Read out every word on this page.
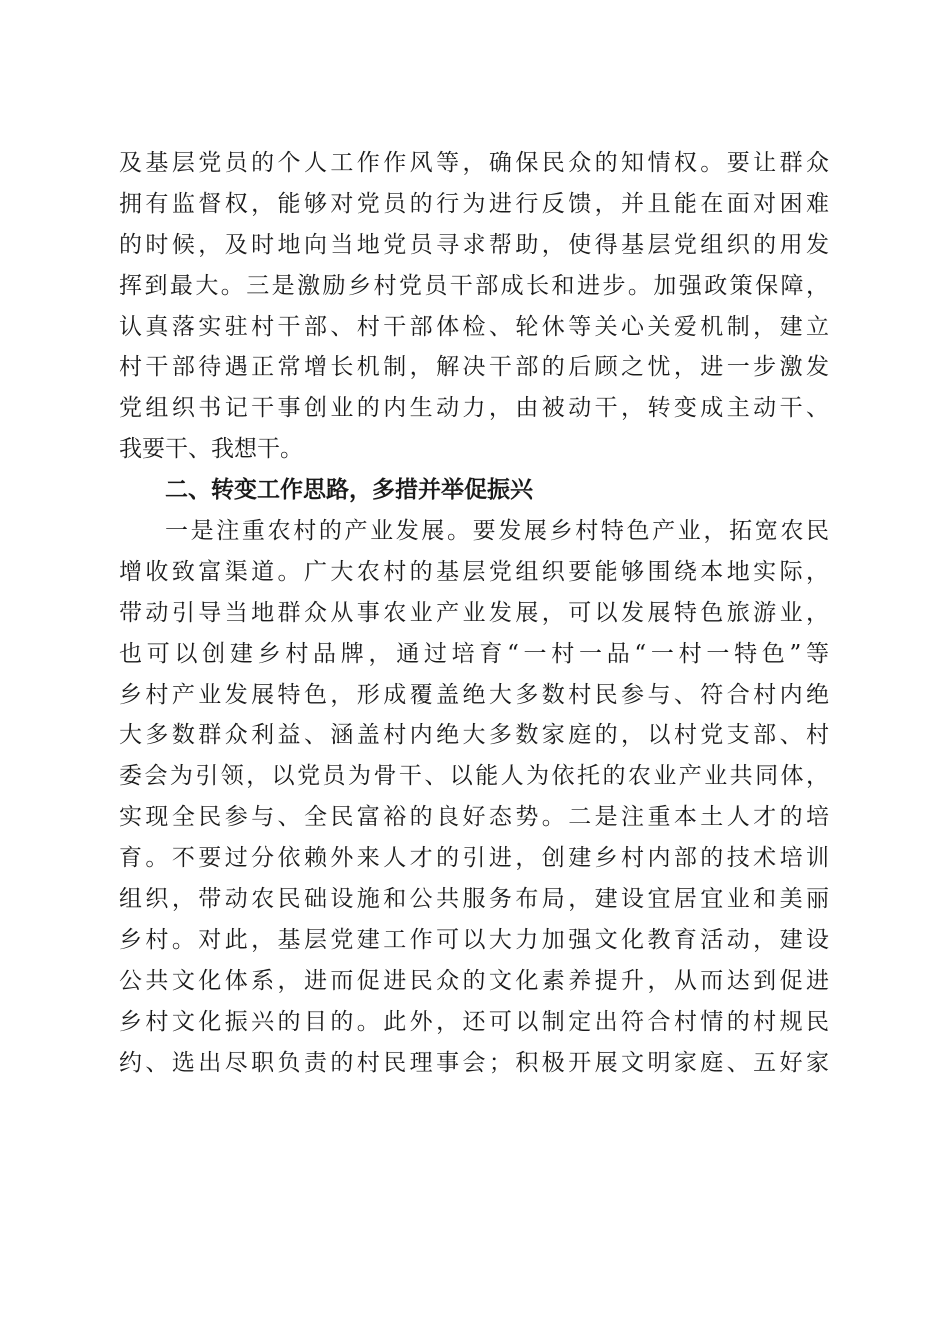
及基层党员的个人工作作风等，确保民众的知情权。要让群众
拥有监督权，能够对党员的行为进行反馈，并且能在面对困难
的时候，及时地向当地党员寻求帮助，使得基层党组织的用发
挥到最大。三是激励乡村党员干部成长和进步。加强政策保障，
认真落实驻村干部、村干部体检、轮休等关心关爱机制，建立
村干部待遇正常增长机制，解决干部的后顾之忧，进一步激发
党组织书记干事创业的内生动力，由被动干，转变成主动干、
我要干、我想干。
二、转变工作思路，多措并举促振兴
一是注重农村的产业发展。要发展乡村特色产业，拓宽农民
增收致富渠道。广大农村的基层党组织要能够围绕本地实际，
带动引导当地群众从事农业产业发展，可以发展特色旅游业，
也可以创建乡村品牌，通过培育“一村一品“一村一特色”等
乡村产业发展特色，形成覆盖绝大多数村民参与、符合村内绝
大多数群众利益、涵盖村内绝大多数家庭的，以村党支部、村
委会为引领，以党员为骨干、以能人为依托的农业产业共同体，
实现全民参与、全民富裕的良好态势。二是注重本土人才的培
育。不要过分依赖外来人才的引进，创建乡村内部的技术培训
组织，带动农民础设施和公共服务布局，建设宜居宜业和美丽
乡村。对此，基层党建工作可以大力加强文化教育活动，建设
公共文化体系，进而促进民众的文化素养提升，从而达到促进
乡村文化振兴的目的。此外，还可以制定出符合村情的村规民
约、选出尽职负责的村民理事会；积极开展文明家庭、五好家
